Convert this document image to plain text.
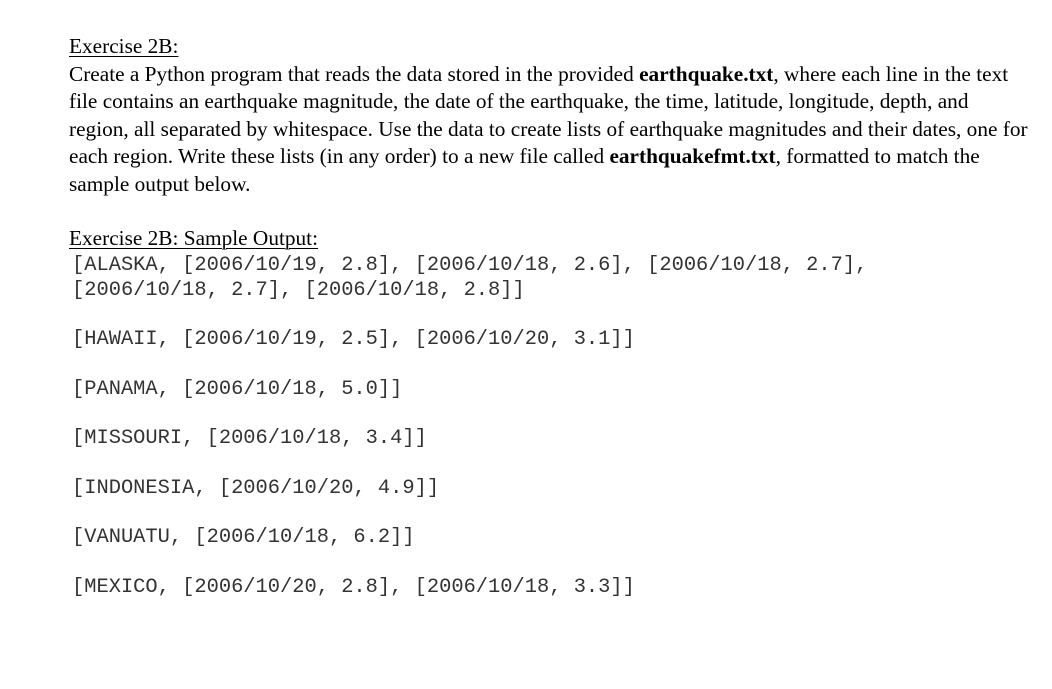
Exercise 2B:

Create a Python program that reads the data stored in the provided earthquake.txt, where each line in the text file contains an earthquake magnitude, the date of the earthquake, the time, latitude, longitude, depth, and region, all separated by whitespace. Use the data to create lists of earthquake magnitudes and their dates, one for each region. Write these lists (in any order) to a new file called earthquakefmt.txt, formatted to match the sample output below.

Exercise 2B: Sample Output:
[ALASKA, [2006/10/19, 2.8], [2006/10/18, 2.6], [2006/10/18, 2.7],
[2006/10/18, 2.7], [2006/10/18, 2.8]]
[HAWAII, [2006/10/19, 2.5], [2006/10/20, 3.1]]
[PANAMA, [2006/10/18, 5.0]]
[MISSOURI, [2006/10/18, 3.4]]
[INDONESIA, [2006/10/20, 4.9]]
[VANUATU, [2006/10/18, 6.2]]
[MEXICO, [2006/10/20, 2.8], [2006/10/18, 3.3]]
